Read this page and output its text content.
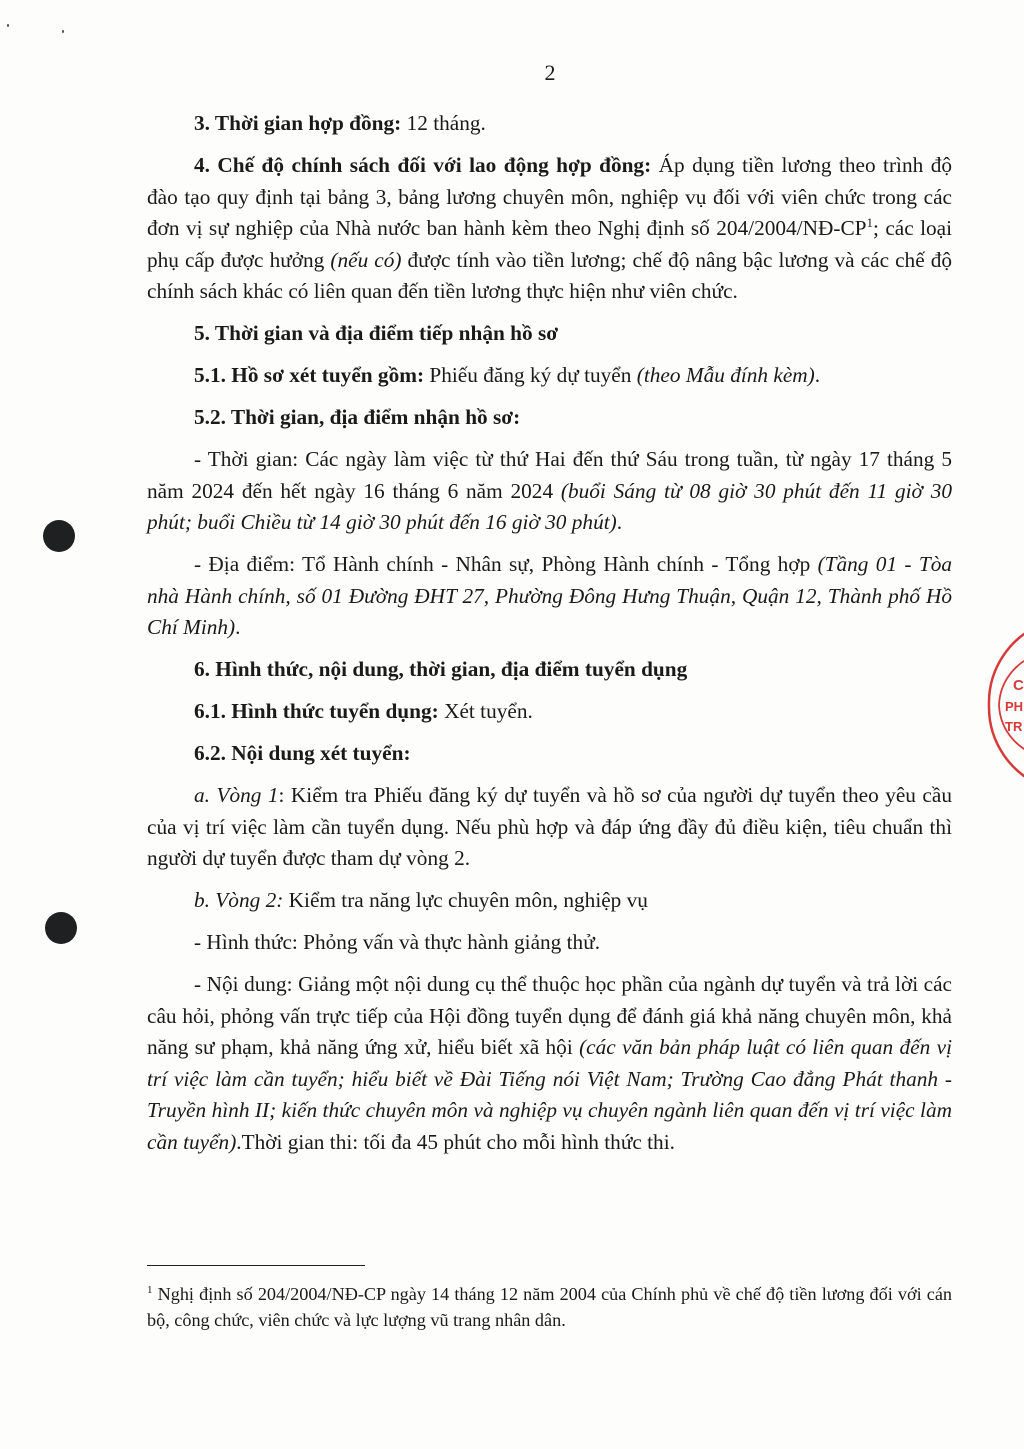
2

3. Thời gian hợp đồng: 12 tháng.

4. Chế độ chính sách đối với lao động hợp đồng: Áp dụng tiền lương theo trình độ đào tạo quy định tại bảng 3, bảng lương chuyên môn, nghiệp vụ đối với viên chức trong các đơn vị sự nghiệp của Nhà nước ban hành kèm theo Nghị định số $204/2004/NĐ-CP^1$; các loại phụ cấp được hưởng (nếu có) được tính vào tiền lương; chế độ nâng bậc lương và các chế độ chính sách khác có liên quan đến tiền lương thực hiện như viên chức.

5. Thời gian và địa điểm tiếp nhận hồ sơ

5.1. Hồ sơ xét tuyển gồm: Phiếu đăng ký dự tuyển (theo Mẫu đính kèm).

5.2. Thời gian, địa điểm nhận hồ sơ:

- Thời gian: Các ngày làm việc từ thứ Hai đến thứ Sáu trong tuần, từ ngày 17 tháng 5 năm 2024 đến hết ngày 16 tháng 6 năm 2024 (buổi Sáng từ 08 giờ 30 phút đến 11 giờ 30 phút; buổi Chiều từ 14 giờ 30 phút đến 16 giờ 30 phút).

- Địa điểm: Tổ Hành chính - Nhân sự, Phòng Hành chính - Tổng hợp (Tầng 01 - Tòa nhà Hành chính, số 01 Đường ĐHT 27, Phường Đông Hưng Thuận, Quận 12, Thành phố Hồ Chí Minh).

6. Hình thức, nội dung, thời gian, địa điểm tuyển dụng

6.1. Hình thức tuyển dụng: Xét tuyển.

6.2. Nội dung xét tuyển:

a. Vòng 1: Kiểm tra Phiếu đăng ký dự tuyển và hồ sơ của người dự tuyển theo yêu cầu của vị trí việc làm cần tuyển dụng. Nếu phù hợp và đáp ứng đầy đủ điều kiện, tiêu chuẩn thì người dự tuyển được tham dự vòng 2.

b. Vòng 2: Kiểm tra năng lực chuyên môn, nghiệp vụ

- Hình thức: Phỏng vấn và thực hành giảng thử.

- Nội dung: Giảng một nội dung cụ thể thuộc học phần của ngành dự tuyển và trả lời các câu hỏi, phỏng vấn trực tiếp của Hội đồng tuyển dụng để đánh giá khả năng chuyên môn, khả năng sư phạm, khả năng ứng xử, hiểu biết xã hội (các văn bản pháp luật có liên quan đến vị trí việc làm cần tuyển; hiểu biết về Đài Tiếng nói Việt Nam; Trường Cao đẳng Phát thanh - Truyền hình II; kiến thức chuyên môn và nghiệp vụ chuyên ngành liên quan đến vị trí việc làm cần tuyển).Thời gian thi: tối đa 45 phút cho mỗi hình thức thi.

$^1$ Nghị định số 204/2004/NĐ-CP ngày 14 tháng 12 năm 2004 của Chính phủ về chế độ tiền lương đối với cán bộ, công chức, viên chức và lực lượng vũ trang nhân dân.
C
PH
TR
